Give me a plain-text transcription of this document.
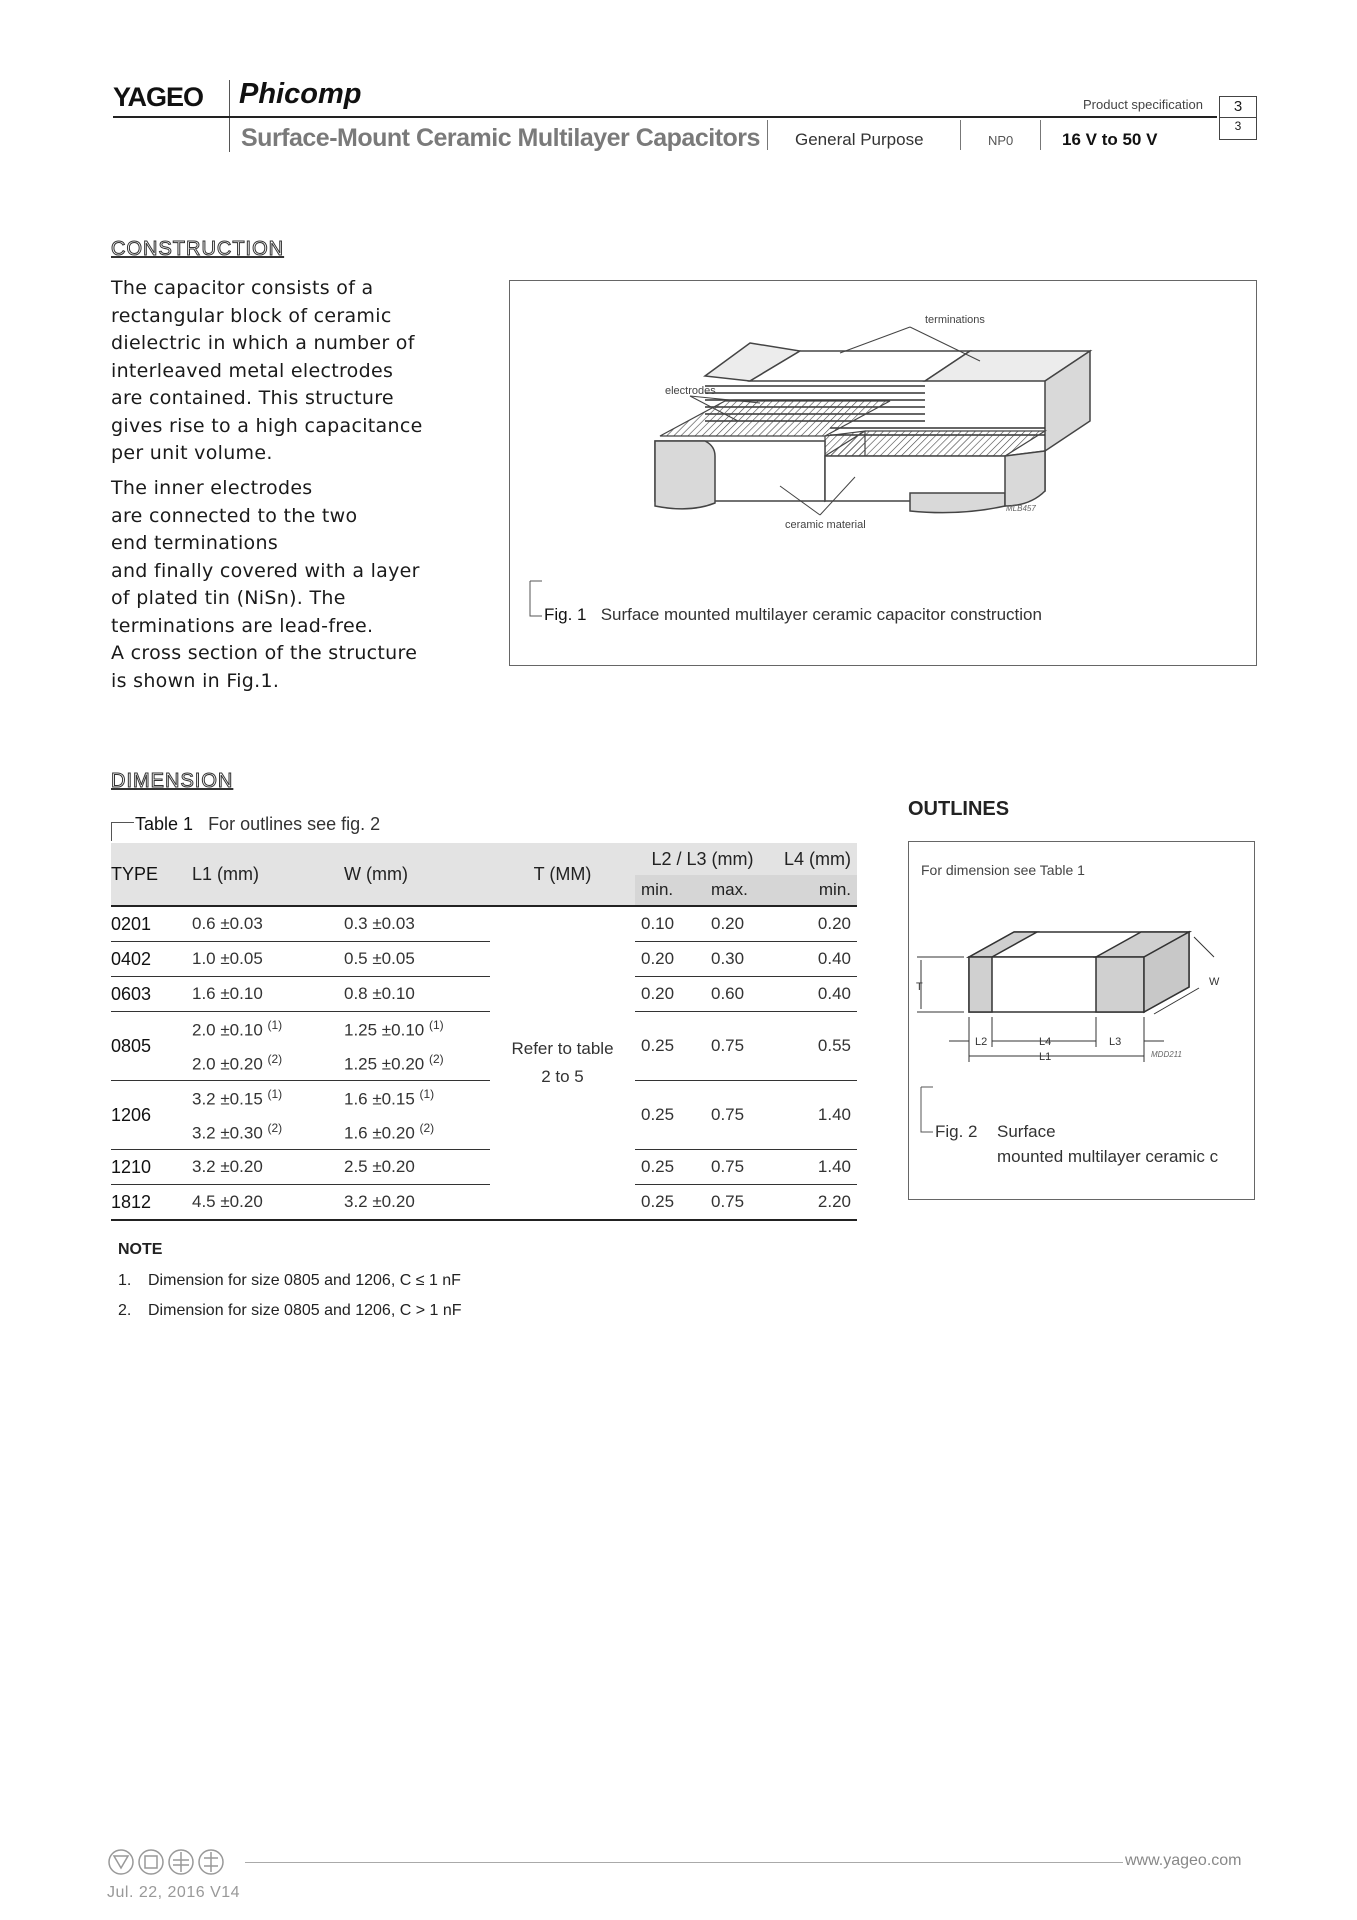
YAGEO Phicomp	Product specification	3
3
Surface-Mount Ceramic Multilayer Capacitors General Purpose	NP0	16 V to 50 V
CONSTRUCTION
The capacitor consists of a
rectangular block of ceramic
dielectric in which a number of
interleaved metal electrodes
are contained. This structure
gives rise to a high capacitance
per unit volume.
The inner electrodes
are connected to the two
end terminations
and finally covered with a layer
of plated tin (NiSn). The
terminations are lead-free.
A cross section of the structure
is shown in Fig.1.
terminations
electrodes
ceramic material
MLB457
Fig. 1 Surface mounted multilayer ceramic capacitor construction
DIMENSION
Table 1 For outlines see fig. 2
TYPE	L1 (mm)	W (mm)	T (MM)	L2 / L3 (mm)		L4 (mm)
				min.	max.	min.
0201	0.6 ±0.03	0.3 ±0.03	Refer to table 2 to 5	0.10	0.20	0.20
0402	1.0 ±0.05	0.5 ±0.05		0.20	0.30	0.40
0603	1.6 ±0.10	0.8 ±0.10		0.20	0.60	0.40
0805	2.0 ±0.10 $^{(1)}$	1.25 ±0.10 $^{(1)}$		0.25	0.75	0.55
	2.0 ±0.20 $^{(2)}$	1.25 ±0.20 $^{(2)}$
1206	3.2 ±0.15 $^{(1)}$	1.6 ±0.15 $^{(1)}$		0.25	0.75	1.40
	3.2 ±0.30 $^{(2)}$	1.6 ±0.20 $^{(2)}$
1210	3.2 ±0.20	2.5 ±0.20		0.25	0.75	1.40
1812	4.5 ±0.20	3.2 ±0.20		0.25	0.75	2.20
OUTLINES
For dimension see Table 1
T	W
L2	L4	L3
L1	MDD211
Fig. 2 Surface
mounted multilayer ceramic c
NOTE
1. Dimension for size 0805 and 1206, C ≤ 1 nF
2. Dimension for size 0805 and 1206, C > 1 nF
www.yageo.com
Jul. 22, 2016 V14
